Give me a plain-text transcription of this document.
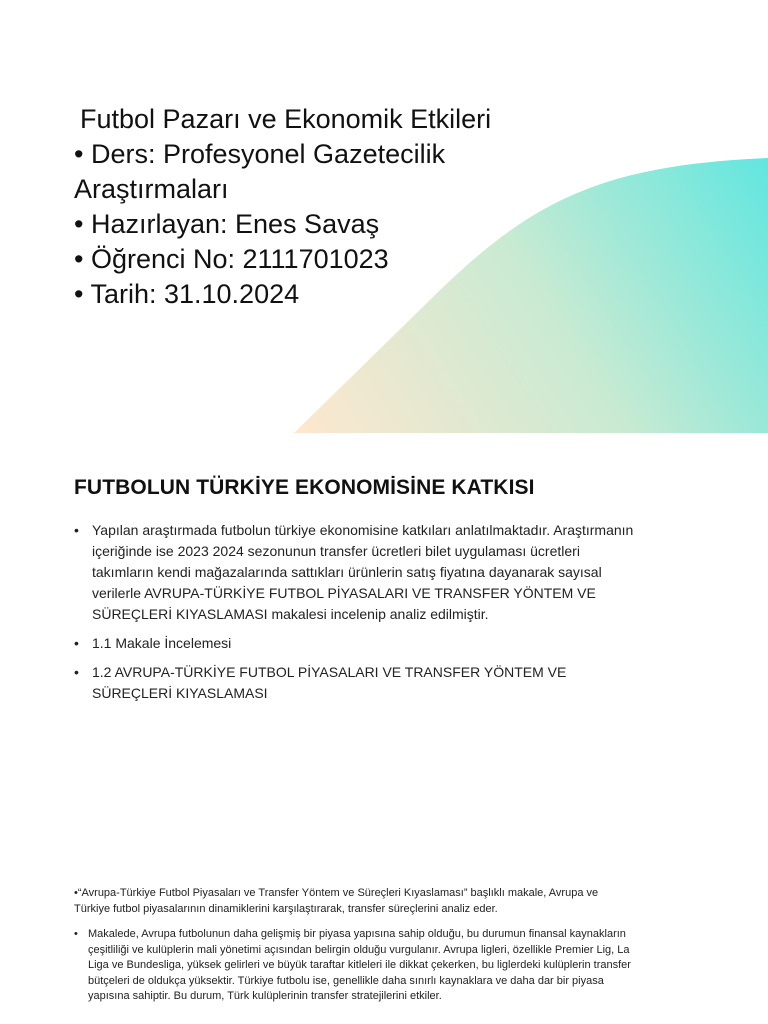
Futbol Pazarı ve Ekonomik Etkileri
• Ders: Profesyonel Gazetecilik
Araştırmaları
• Hazırlayan: Enes Savaş
• Öğrenci No: 2111701023
• Tarih: 31.10.2024
FUTBOLUN TÜRKİYE EKONOMİSİNE KATKISI
• Yapılan araştırmada futbolun türkiye ekonomisine katkıları anlatılmaktadır. Araştırmanın içeriğinde ise 2023 2024 sezonunun transfer ücretleri bilet uygulaması ücretleri takımların kendi mağazalarında sattıkları ürünlerin satış fiyatına dayanarak sayısal verilerle AVRUPA-TÜRKİYE FUTBOL PİYASALARI VE TRANSFER YÖNTEM VE SÜREÇLERİ KIYASLAMASI makalesi incelenip analiz edilmiştir.
• 1.1 Makale İncelemesi
• 1.2 AVRUPA-TÜRKİYE FUTBOL PİYASALARI VE TRANSFER YÖNTEM VE SÜREÇLERİ KIYASLAMASI

•“Avrupa-Türkiye Futbol Piyasaları ve Transfer Yöntem ve Süreçleri Kıyaslaması” başlıklı makale, Avrupa ve Türkiye futbol piyasalarının dinamiklerini karşılaştırarak, transfer süreçlerini analiz eder.

• Makalede, Avrupa futbolunun daha gelişmiş bir piyasa yapısına sahip olduğu, bu durumun finansal kaynakların çeşitliliği ve kulüplerin mali yönetimi açısından belirgin olduğu vurgulanır. Avrupa ligleri, özellikle Premier Lig, La Liga ve Bundesliga, yüksek gelirleri ve büyük taraftar kitleleri ile dikkat çekerken, bu liglerdeki kulüplerin transfer bütçeleri de oldukça yüksektir. Türkiye futbolu ise, genellikle daha sınırlı kaynaklara ve daha dar bir piyasa yapısına sahiptir. Bu durum, Türk kulüplerinin transfer stratejilerini etkiler.
